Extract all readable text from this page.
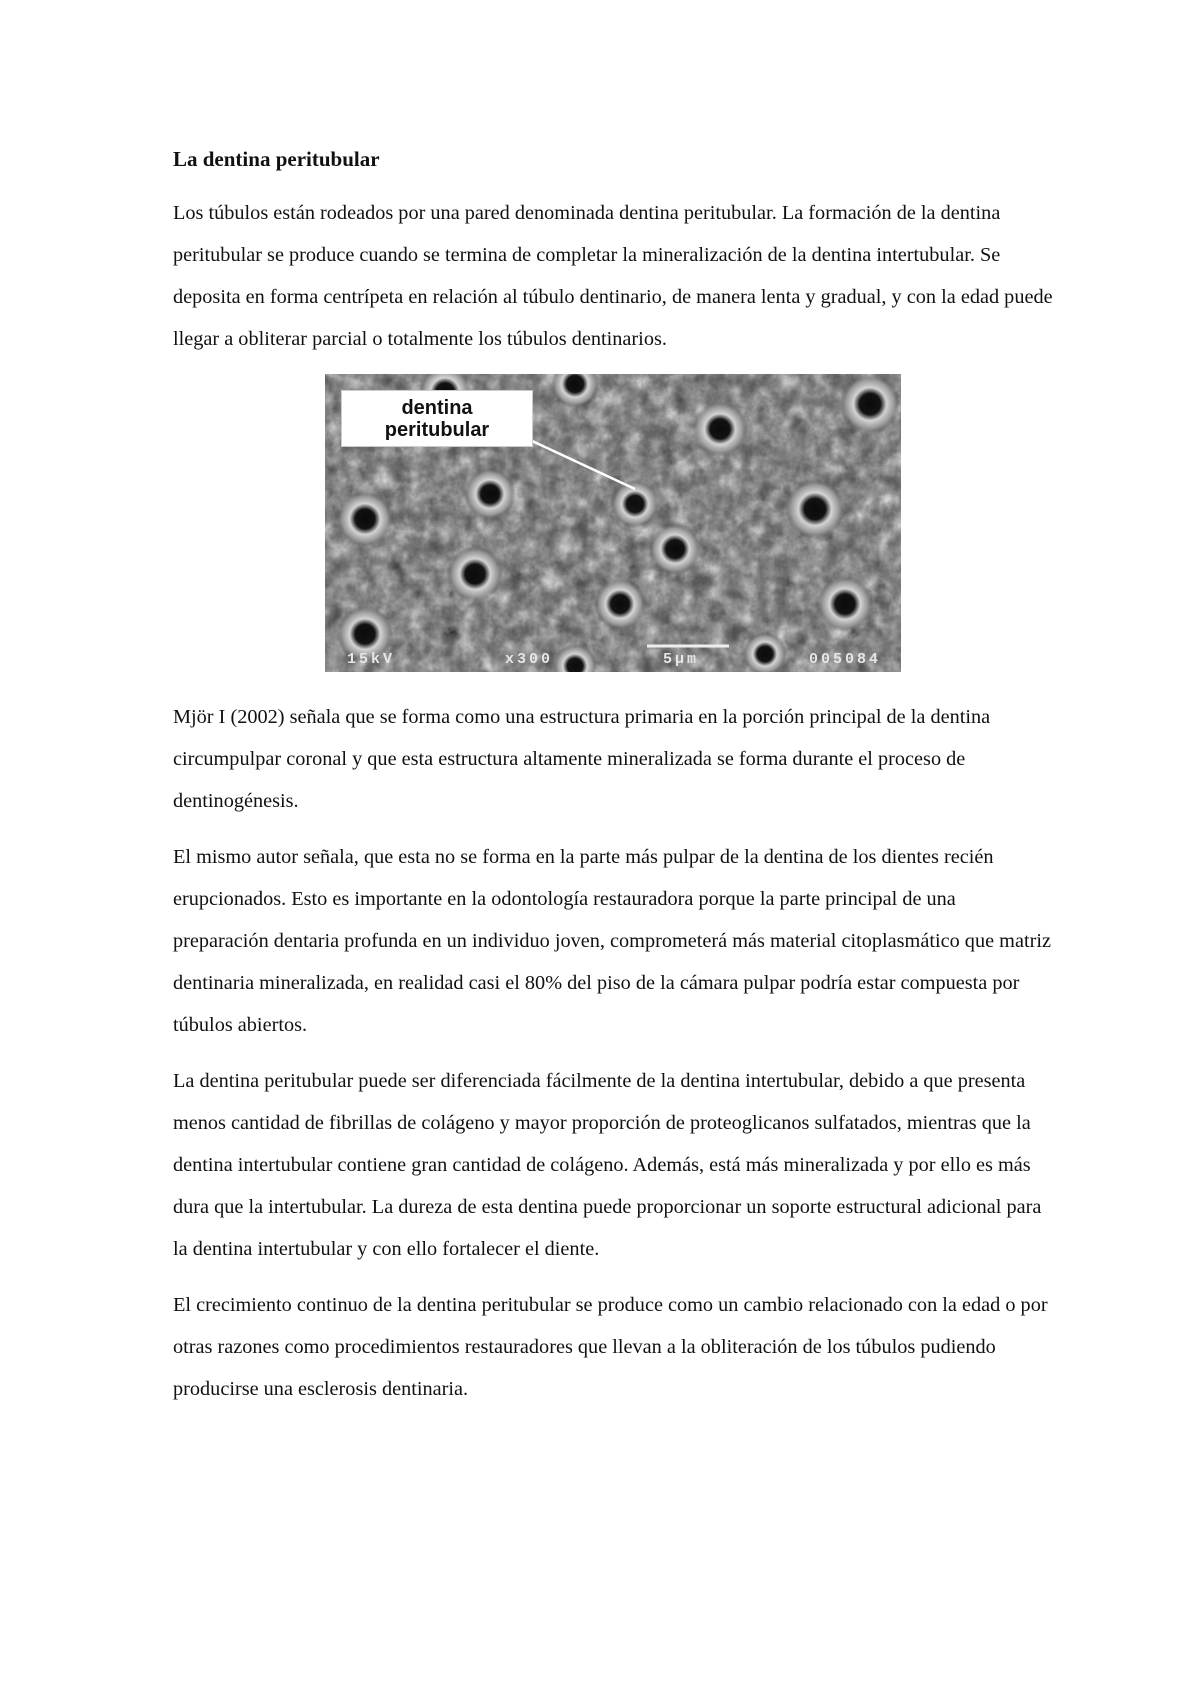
La dentina peritubular

Los túbulos están rodeados por una pared denominada dentina peritubular. La formación de la dentina peritubular se produce cuando se termina de completar la mineralización de la dentina intertubular. Se deposita en forma centrípeta en relación al túbulo dentinario, de manera lenta y gradual, y con la edad puede llegar a obliterar parcial o totalmente los túbulos dentinarios.

dentina
peritubular
15kV	x300	5μm	005084

Mjör I (2002) señala que se forma como una estructura primaria en la porción principal de la dentina circumpulpar coronal y que esta estructura altamente mineralizada se forma durante el proceso de dentinogénesis.

El mismo autor señala, que esta no se forma en la parte más pulpar de la dentina de los dientes recién erupcionados. Esto es importante en la odontología restauradora porque la parte principal de una preparación dentaria profunda en un individuo joven, comprometerá más material citoplasmático que matriz dentinaria mineralizada, en realidad casi el 80% del piso de la cámara pulpar podría estar compuesta por túbulos abiertos.

La dentina peritubular puede ser diferenciada fácilmente de la dentina intertubular, debido a que presenta menos cantidad de fibrillas de colágeno y mayor proporción de proteoglicanos sulfatados, mientras que la dentina intertubular contiene gran cantidad de colágeno. Además, está más mineralizada y por ello es más dura que la intertubular. La dureza de esta dentina puede proporcionar un soporte estructural adicional para la dentina intertubular y con ello fortalecer el diente.

El crecimiento continuo de la dentina peritubular se produce como un cambio relacionado con la edad o por otras razones como procedimientos restauradores que llevan a la obliteración de los túbulos pudiendo producirse una esclerosis dentinaria.
